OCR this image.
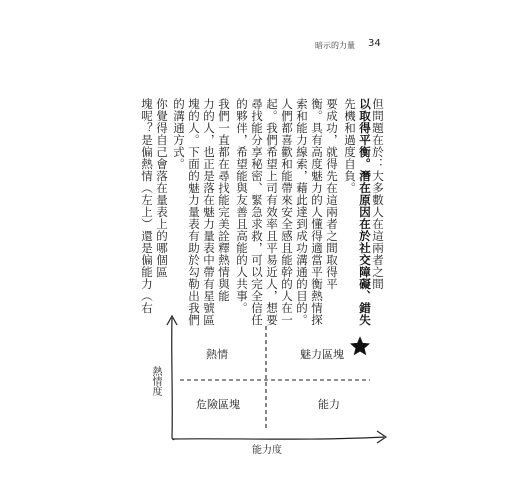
暗示的力量 34
但問題在於：大多數人在這兩者之間
以取得平衡。潛在原因在於社交障礙、錯失
先機和過度自負。
要成功，就得先在這兩者之間取得平
衡。具有高度魅力的人懂得適當平衡熱情探
索和能力線索，藉此達到成功溝通的目的。
人們都喜歡和能帶來安全感且能幹的人在一
起。我們希望上司有效率且平易近人，想要
尋找能分享秘密、緊急求救，可以完全信任
的夥伴，希望能與友善且高能的人共事。
我們一直都在尋找能完美詮釋熱情與能
力的人，也正是落在魅力量表中帶有星號區
塊的人。下面的魅力量表有助於勾勒出我們
的溝通方式。
你覺得自己會落在量表上的哪個區
塊呢？是偏熱情（左上）還是偏能力（右
熱情	魅力區塊
危險區塊	能力
熱情度
能力度
